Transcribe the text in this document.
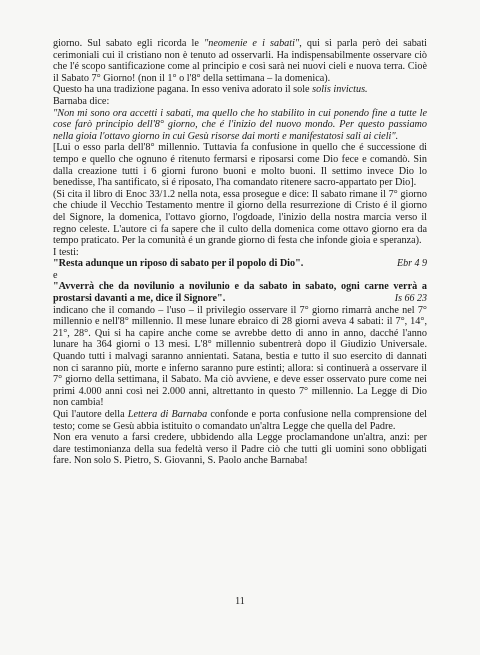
giorno. Sul sabato egli ricorda le "neomenie e i sabati", qui si parla però dei sabati cerimoniali cui il cristiano non è tenuto ad osservarli. Ha indispensabilmente osservare ciò che l'é scopo santificazione come al principio e così sarà nei nuovi cieli e nuova terra. Cioè il Sabato 7° Giorno! (non il 1° o l'8° della settimana – la domenica).

Questo ha una tradizione pagana. In esso veniva adorato il sole solis invictus.

Barnaba dice:

"Non mi sono ora accetti i sabati, ma quello che ho stabilito in cui ponendo fine a tutte le cose farò principio dell'8° giorno, che é l'inizio del nuovo mondo. Per questo passiamo nella gioia l'ottavo giorno in cui Gesù risorse dai morti e manifestatosi sali ai cieli".

[Lui o esso parla dell'8° millennio. Tuttavia fa confusione in quello che é successione di tempo e quello che ognuno é ritenuto fermarsi e riposarsi come Dio fece e comandò. Sin dalla creazione tutti i 6 giorni furono buoni e molto buoni. Il settimo invece Dio lo benedisse, l'ha santificato, si é riposato, l'ha comandato ritenere sacro-appartato per Dio].

(Si cita il libro di Enoc 33/1.2 nella nota, essa prosegue e dice: Il sabato rimane il 7° giorno che chiude il Vecchio Testamento mentre il giorno della resurrezione di Cristo é il giorno del Signore, la domenica, l'ottavo giorno, l'ogdoade, l'inizio della nostra marcia verso il regno celeste. L'autore ci fa sapere che il culto della domenica come ottavo giorno era da tempo praticato. Per la comunità é un grande giorno di festa che infonde gioia e speranza).

I testi:

"Resta adunque un riposo di sabato per il popolo di Dio".	Ebr 4 9

e

"Avverrà che da novilunio a novilunio e da sabato in sabato, ogni carne verrà a prostarsi davanti a me, dice il Signore".	Is 66 23

indicano che il comando – l'uso – il privilegio osservare il 7° giorno rimarrà anche nel 7° millennio e nell'8° millennio. Il mese lunare ebraico di 28 giorni aveva 4 sabati: il 7°, 14°, 21°, 28°. Qui si ha capire anche come se avrebbe detto di anno in anno, dacché l'anno lunare ha 364 giorni o 13 mesi. L'8° millennio subentrerà dopo il Giudizio Universale. Quando tutti i malvagi saranno annientati. Satana, bestia e tutto il suo esercito di dannati non ci saranno più, morte e inferno saranno pure estinti; allora: si continuerà a osservare il 7° giorno della settimana, il Sabato. Ma ciò avviene, e deve esser osservato pure come nei primi 4.000 anni così nei 2.000 anni, altrettanto in questo 7° millennio. La Legge di Dio non cambia!

Qui l'autore della Lettera di Barnaba confonde e porta confusione nella comprensione del testo; come se Gesù abbia istituito o comandato un'altra Legge che quella del Padre.

Non era venuto a farsi credere, ubbidendo alla Legge proclamandone un'altra, anzi: per dare testimonianza della sua fedeltà verso il Padre ciò che tutti gli uomini sono obbligati fare. Non solo S. Pietro, S. Giovanni, S. Paolo anche Barnaba!

11
